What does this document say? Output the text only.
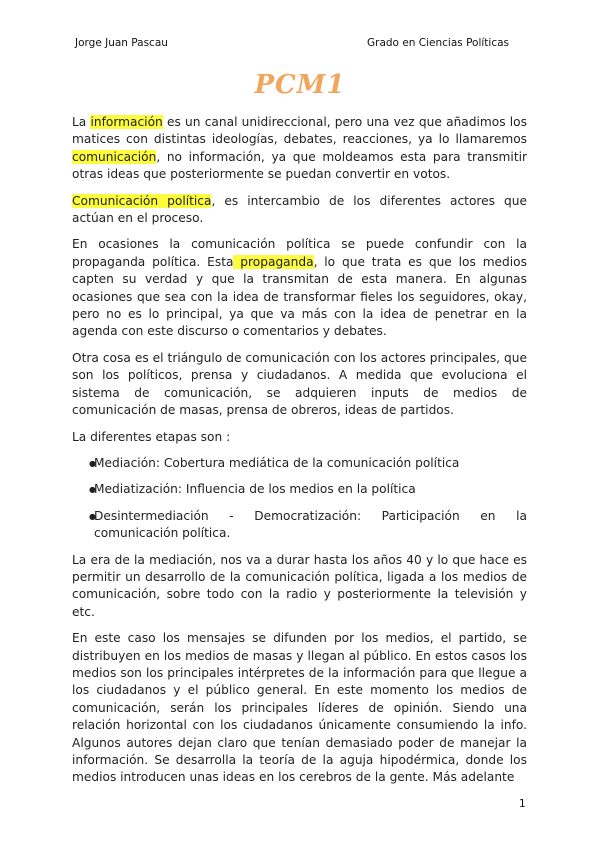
Jorge Juan Pascau	Grado en Ciencias Políticas
PCM1

La información es un canal unidireccional, pero una vez que añadimos los matices con distintas ideologías, debates, reacciones, ya lo llamaremos comunicación, no información, ya que moldeamos esta para transmitir otras ideas que posteriormente se puedan convertir en votos.

Comunicación política, es intercambio de los diferentes actores que actúan en el proceso.

En ocasiones la comunicación política se puede confundir con la propaganda política. Esta propaganda, lo que trata es que los medios capten su verdad y que la transmitan de esta manera. En algunas ocasiones que sea con la idea de transformar fieles los seguidores, okay, pero no es lo principal, ya que va más con la idea de penetrar en la agenda con este discurso o comentarios y debates.

Otra cosa es el triángulo de comunicación con los actores principales, que son los políticos, prensa y ciudadanos. A medida que evoluciona el sistema de comunicación, se adquieren inputs de medios de comunicación de masas, prensa de obreros, ideas de partidos.

La diferentes etapas son :

● Mediación: Cobertura mediática de la comunicación política
● Mediatización: Influencia de los medios en la política
● Desintermediación - Democratización: Participación en la comunicación política.

La era de la mediación, nos va a durar hasta los años 40 y lo que hace es permitir un desarrollo de la comunicación política, ligada a los medios de comunicación, sobre todo con la radio y posteriormente la televisión y etc.

En este caso los mensajes se difunden por los medios, el partido, se distribuyen en los medios de masas y llegan al público. En estos casos los medios son los principales intérpretes de la información para que llegue a los ciudadanos y el público general. En este momento los medios de comunicación, serán los principales líderes de opinión. Siendo una relación horizontal con los ciudadanos únicamente consumiendo la info. Algunos autores dejan claro que tenían demasiado poder de manejar la información. Se desarrolla la teoría de la aguja hipodérmica, donde los medios introducen unas ideas en los cerebros de la gente. Más adelante

1
